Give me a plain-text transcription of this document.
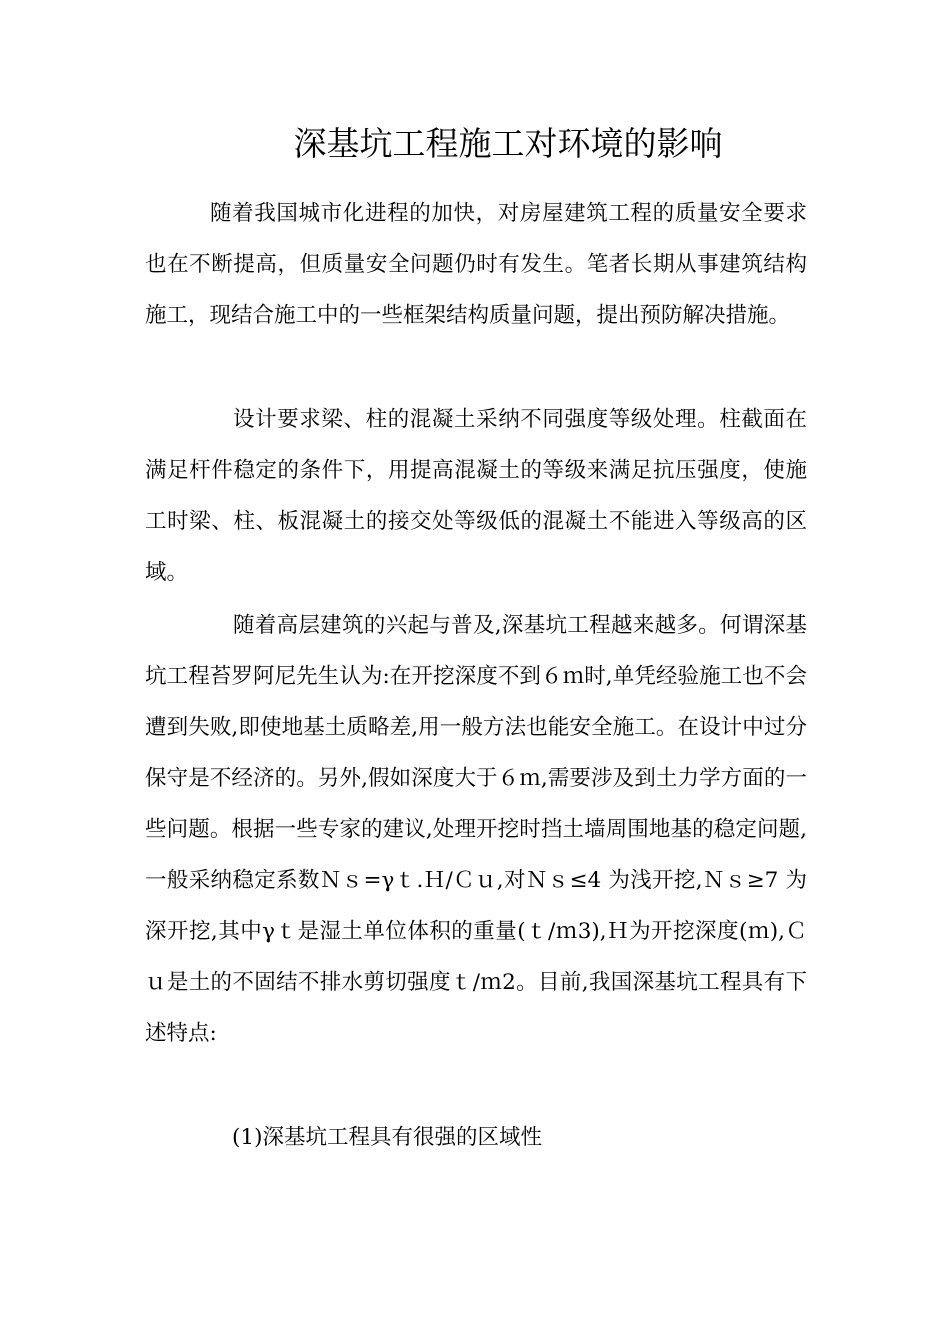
深基坑工程施工对环境的影响

随着我国城市化进程的加快，对房屋建筑工程的质量安全要求也在不断提高，但质量安全问题仍时有发生。笔者长期从事建筑结构施工，现结合施工中的一些框架结构质量问题，提出预防解决措施。

设计要求梁、柱的混凝土采纳不同强度等级处理。柱截面在满足杆件稳定的条件下，用提高混凝土的等级来满足抗压强度，使施工时梁、柱、板混凝土的接交处等级低的混凝土不能进入等级高的区域。

随着高层建筑的兴起与普及,深基坑工程越来越多。何谓深基坑工程苔罗阿尼先生认为:在开挖深度不到６ｍ时,单凭经验施工也不会遭到失败,即使地基土质略差,用一般方法也能安全施工。在设计中过分保守是不经济的。另外,假如深度大于６ｍ,需要涉及到土力学方面的一些问题。根据一些专家的建议,处理开挖时挡土墙周围地基的稳定问题,一般采纳稳定系数Ｎｓ=γｔ.Ｈ/Ｃｕ,对Ｎｓ≤4 为浅开挖,Ｎｓ≥7 为深开挖,其中γｔ是湿土单位体积的重量(ｔ/ｍ3),Ｈ为开挖深度(ｍ),Ｃｕ是土的不固结不排水剪切强度ｔ/ｍ2。目前,我国深基坑工程具有下述特点:

(1)深基坑工程具有很强的区域性
